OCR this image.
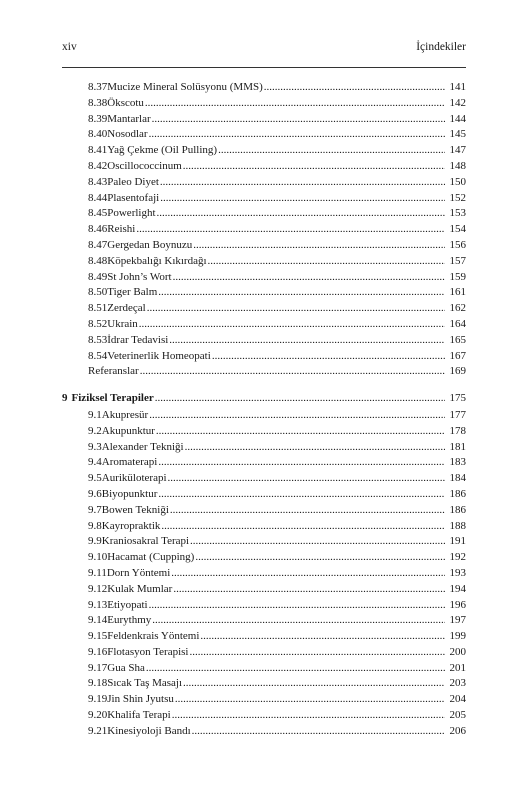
xiv	İçindekiler
8.37 Mucize Mineral Solüsyonu (MMS) .....	141
8.38 Ökscotu .....	142
8.39 Mantarlar .....	144
8.40 Nosodlar .....	145
8.41 Yağ Çekme (Oil Pulling) .....	147
8.42 Oscillococcinum .....	148
8.43 Paleo Diyet .....	150
8.44 Plasentofaji .....	152
8.45 Powerlight .....	153
8.46 Reishi .....	154
8.47 Gergedan Boynuzu .....	156
8.48 Köpekbalığı Kıkırdağı .....	157
8.49 St John’s Wort .....	159
8.50 Tiger Balm .....	161
8.51 Zerdeçal .....	162
8.52 Ukrain .....	164
8.53 İdrar Tedavisi .....	165
8.54 Veterinerlik Homeopati .....	167
Referanslar .....	169
9 Fiziksel Terapiler .....	175
9.1 Akupresür .....	177
9.2 Akupunktur .....	178
9.3 Alexander Tekniği .....	181
9.4 Aromaterapi .....	183
9.5 Auriküloterapi .....	184
9.6 Biyopunktur .....	186
9.7 Bowen Tekniği .....	186
9.8 Kayropraktik .....	188
9.9 Kraniosakral Terapi .....	191
9.10 Hacamat (Cupping) .....	192
9.11 Dorn Yöntemi .....	193
9.12 Kulak Mumlar .....	194
9.13 Etiyopati .....	196
9.14 Eurythmy .....	197
9.15 Feldenkrais Yöntemi .....	199
9.16 Flotasyon Terapisi .....	200
9.17 Gua Sha .....	201
9.18 Sıcak Taş Masajı .....	203
9.19 Jin Shin Jyutsu .....	204
9.20 Khalifa Terapi .....	205
9.21 Kinesiyoloji Bandı .....	206
